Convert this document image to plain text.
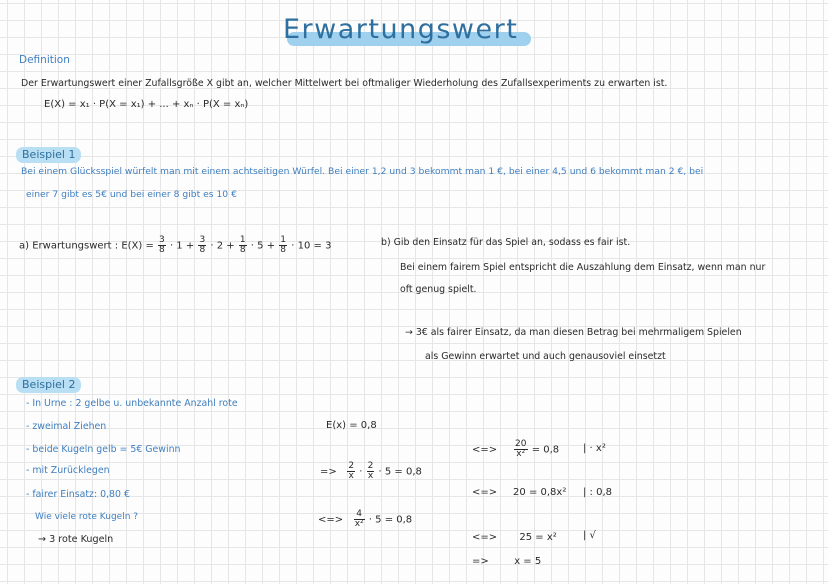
Erwartungswert
Definition
Der Erwartungswert einer Zufallsgröße X gibt an, welcher Mittelwert bei oftmaliger Wiederholung des Zufallsexperiments zu erwarten ist.
E(X) = x₁ · P(X = x₁) + ... + xₙ · P(X = xₙ)
Beispiel 1
Bei einem Glücksspiel würfelt man mit einem achtseitigen Würfel. Bei einer 1,2 und 3 bekommt man 1 €, bei einer 4,5 und 6 bekommt man 2 €, bei
einer 7 gibt es 5€ und bei einer 8 gibt es 10 €
a) Erwartungswert : $E(X) = \frac{3}{8} \cdot 1 + \frac{3}{8} \cdot 2 + \frac{1}{8} \cdot 5 + \frac{1}{8} \cdot 10 = 3$	b) Gib den Einsatz für das Spiel an, sodass es fair ist.
Bei einem fairem Spiel entspricht die Auszahlung dem Einsatz, wenn man nur
oft genug spielt.
→ 3€ als fairer Einsatz, da man diesen Betrag bei mehrmaligem Spielen
als Gewinn erwartet und auch genausoviel einsetzt
Beispiel 2
- In Urne : 2 gelbe u. unbekannte Anzahl rote
- zweimal Ziehen
- beide Kugeln gelb = 5€ Gewinn
- mit Zurücklegen
- fairer Einsatz: 0,80 €
Wie viele rote Kugeln ?
→ 3 rote Kugeln
E(x) = 0,8
=> $\frac{2}{x} \cdot \frac{2}{x} \cdot 5 = 0,8$
<=> $\frac{4}{\text{x²}} \cdot 5 = 0,8$
<=> $\frac{20}{\text{x²}} = 0,8$ | · x²
<=> 20 = 0,8x² | : 0,8
<=> 25 = x²	| √
=>	x = 5
